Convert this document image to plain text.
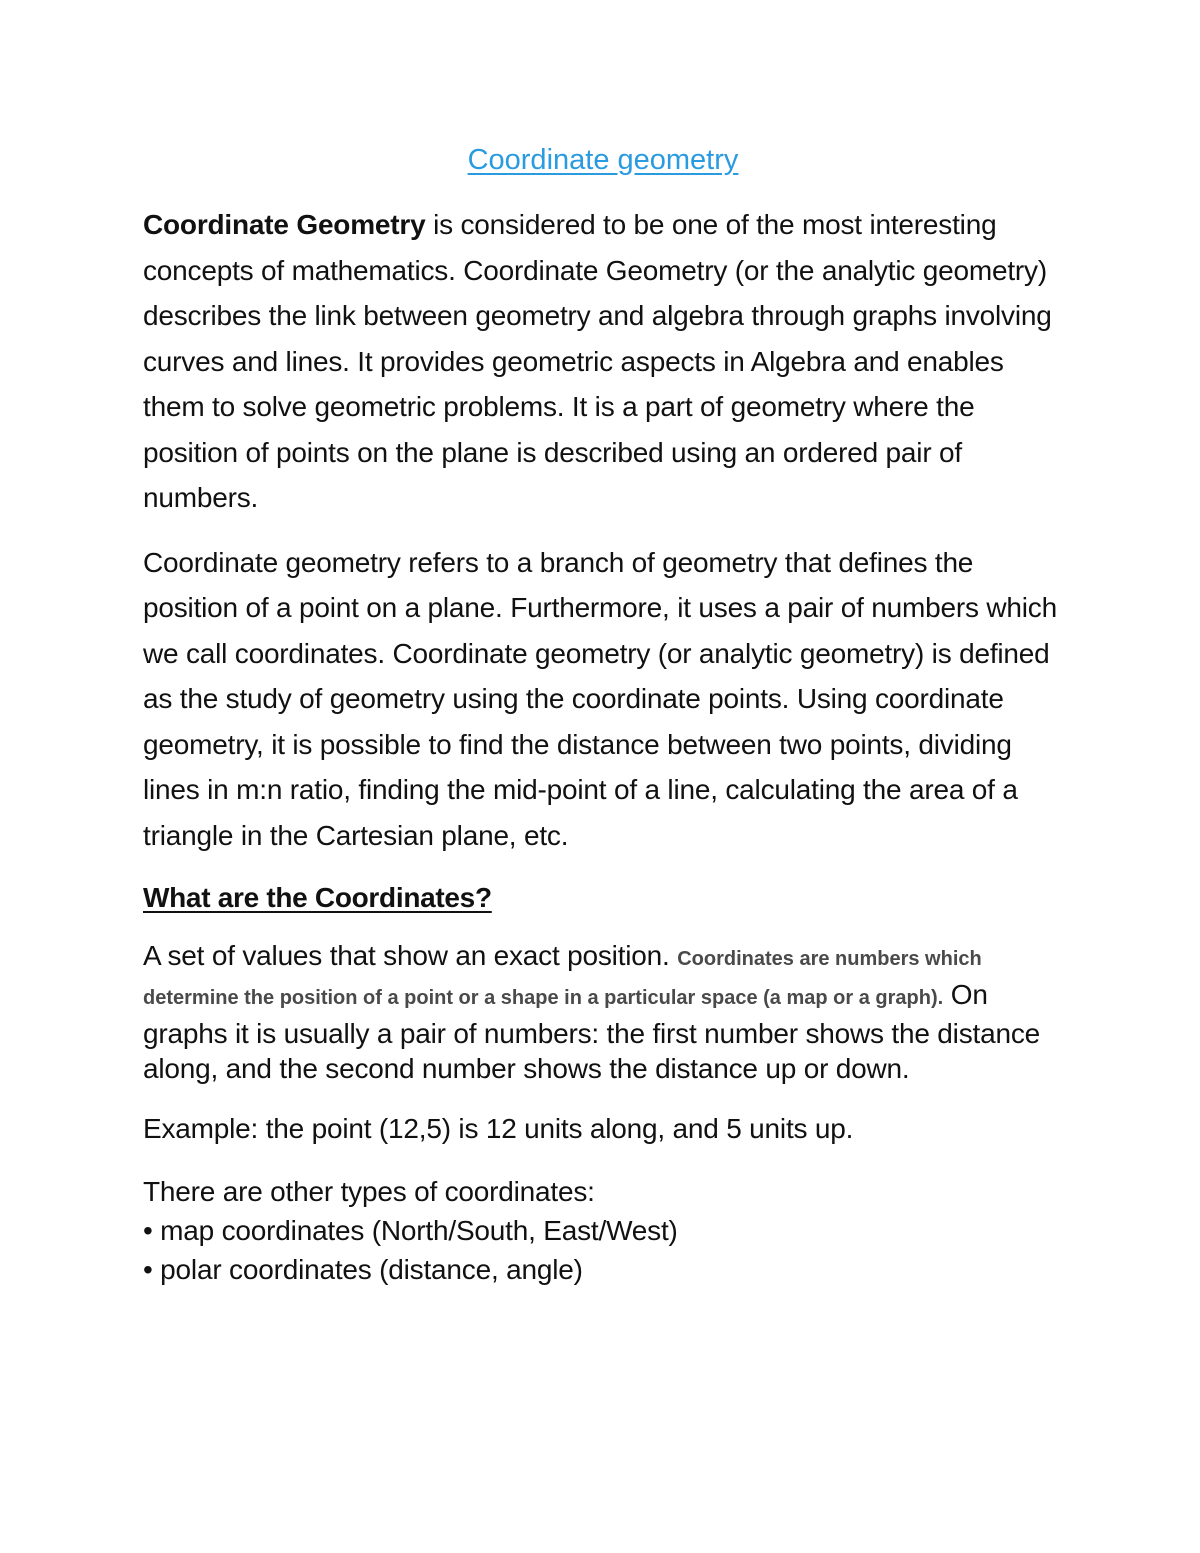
Coordinate geometry

Coordinate Geometry is considered to be one of the most interesting concepts of mathematics. Coordinate Geometry (or the analytic geometry) describes the link between geometry and algebra through graphs involving curves and lines. It provides geometric aspects in Algebra and enables them to solve geometric problems. It is a part of geometry where the position of points on the plane is described using an ordered pair of numbers.

Coordinate geometry refers to a branch of geometry that defines the position of a point on a plane. Furthermore, it uses a pair of numbers which we call coordinates. Coordinate geometry (or analytic geometry) is defined as the study of geometry using the coordinate points. Using coordinate geometry, it is possible to find the distance between two points, dividing lines in m:n ratio, finding the mid-point of a line, calculating the area of a triangle in the Cartesian plane, etc.

What are the Coordinates?

A set of values that show an exact position. Coordinates are numbers which determine the position of a point or a shape in a particular space (a map or a graph). On graphs it is usually a pair of numbers: the first number shows the distance along, and the second number shows the distance up or down.

Example: the point (12,5) is 12 units along, and 5 units up.

There are other types of coordinates:
• map coordinates (North/South, East/West)
• polar coordinates (distance, angle)
